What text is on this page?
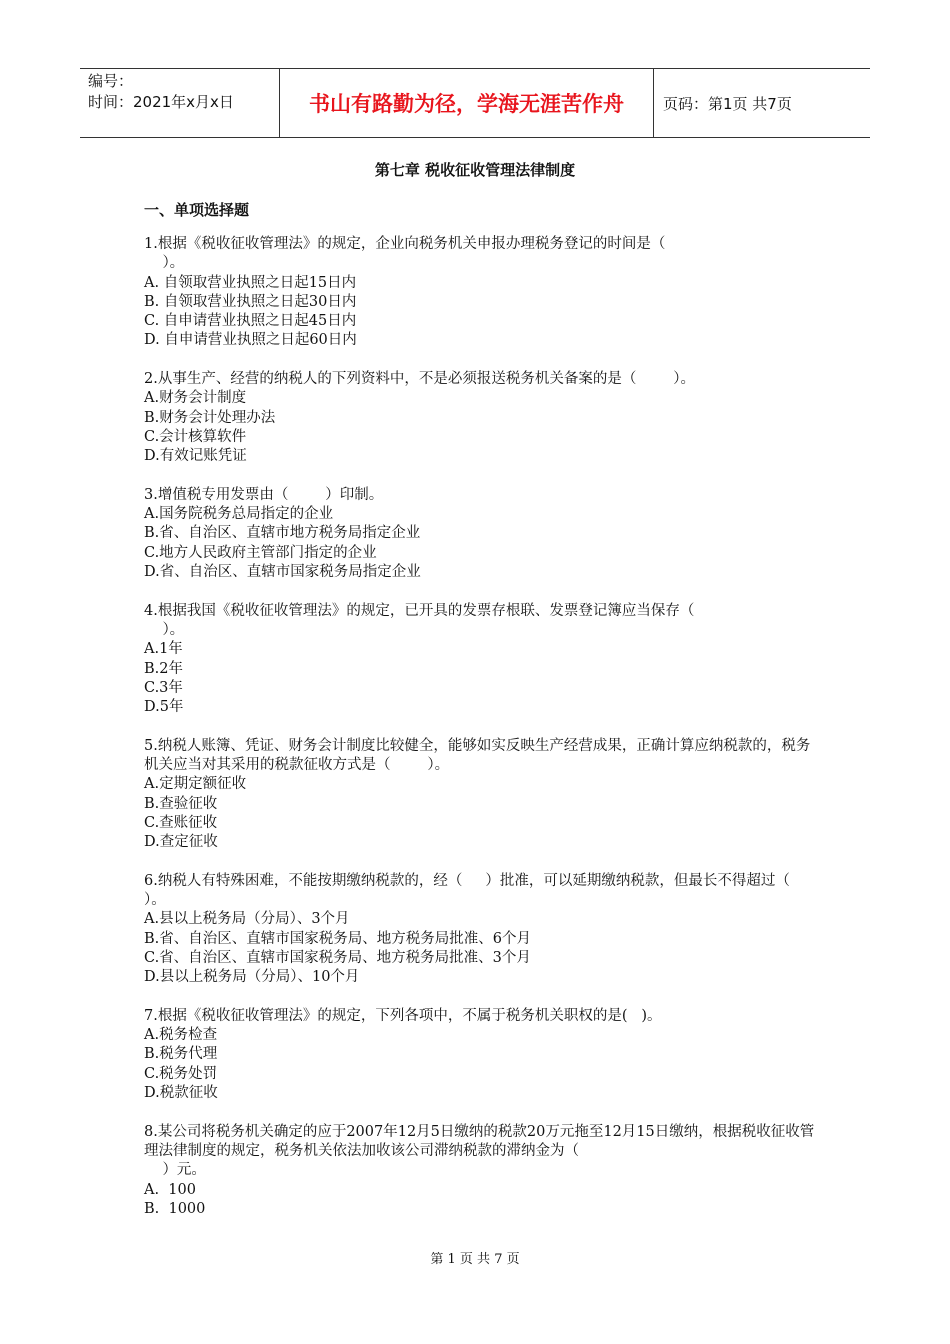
编号：
时间：2021年x月x日	书山有路勤为径，学海无涯苦作舟	页码：第1页 共7页
第七章 税收征收管理法律制度
一、单项选择题
1.根据《税收征收管理法》的规定，企业向税务机关申报办理税务登记的时间是（
）。
A. 自领取营业执照之日起15日内
B. 自领取营业执照之日起30日内
C. 自申请营业执照之日起45日内
D. 自申请营业执照之日起60日内
2.从事生产、经营的纳税人的下列资料中，不是必须报送税务机关备案的是（        ）。
A.财务会计制度
B.财务会计处理办法
C.会计核算软件
D.有效记账凭证
3.增值税专用发票由（        ）印制。
A.国务院税务总局指定的企业
B.省、自治区、直辖市地方税务局指定企业
C.地方人民政府主管部门指定的企业
D.省、自治区、直辖市国家税务局指定企业
4.根据我国《税收征收管理法》的规定，已开具的发票存根联、发票登记簿应当保存（
）。
A.1年
B.2年
C.3年
D.5年
5.纳税人账簿、凭证、财务会计制度比较健全，能够如实反映生产经营成果，正确计算应纳税款的，税务机关应当对其采用的税款征收方式是（        ）。
A.定期定额征收
B.查验征收
C.查账征收
D.查定征收
6.纳税人有特殊困难，不能按期缴纳税款的，经（     ）批准，可以延期缴纳税款，但最长不得超过（        ）。
A.县以上税务局（分局）、3个月
B.省、自治区、直辖市国家税务局、地方税务局批准、6个月
C.省、自治区、直辖市国家税务局、地方税务局批准、3个月
D.县以上税务局（分局）、10个月
7.根据《税收征收管理法》的规定，下列各项中，不属于税务机关职权的是(   )。
A.税务检查
B.税务代理
C.税务处罚
D.税款征收
8.某公司将税务机关确定的应于2007年12月5日缴纳的税款20万元拖至12月15日缴纳，根据税收征收管理法律制度的规定，税务机关依法加收该公司滞纳税款的滞纳金为（
）元。
A.  100
B.  1000
第 1 页 共 7 页
